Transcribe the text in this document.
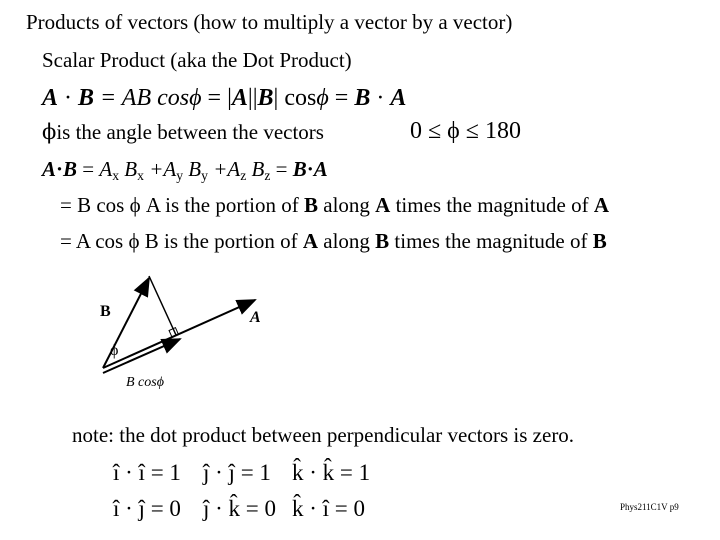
Products of vectors (how to multiply a vector by a vector)
Scalar Product (aka the Dot Product)
A · B = AB cosϕ = |A||B| cosϕ = B · A
ϕis the angle between the vectors	0 ≤ ϕ ≤ 180
$A\cdot B = A_x$ $B_x +A_y$ $B_y +A_z$ $B_z = B\cdot A$
= B cos ϕ A is the portion of B along A times the magnitude of A
= A cos ϕ B is the portion of A along B times the magnitude of B
B	A
ϕ
B cosϕ
note: the dot product between perpendicular vectors is zero.
î · î = 1 ĵ · ĵ = 1 k̂ · k̂ = 1
î · ĵ = 0 ĵ · k̂ = 0 k̂ · î = 0	Phys211C1V p9
